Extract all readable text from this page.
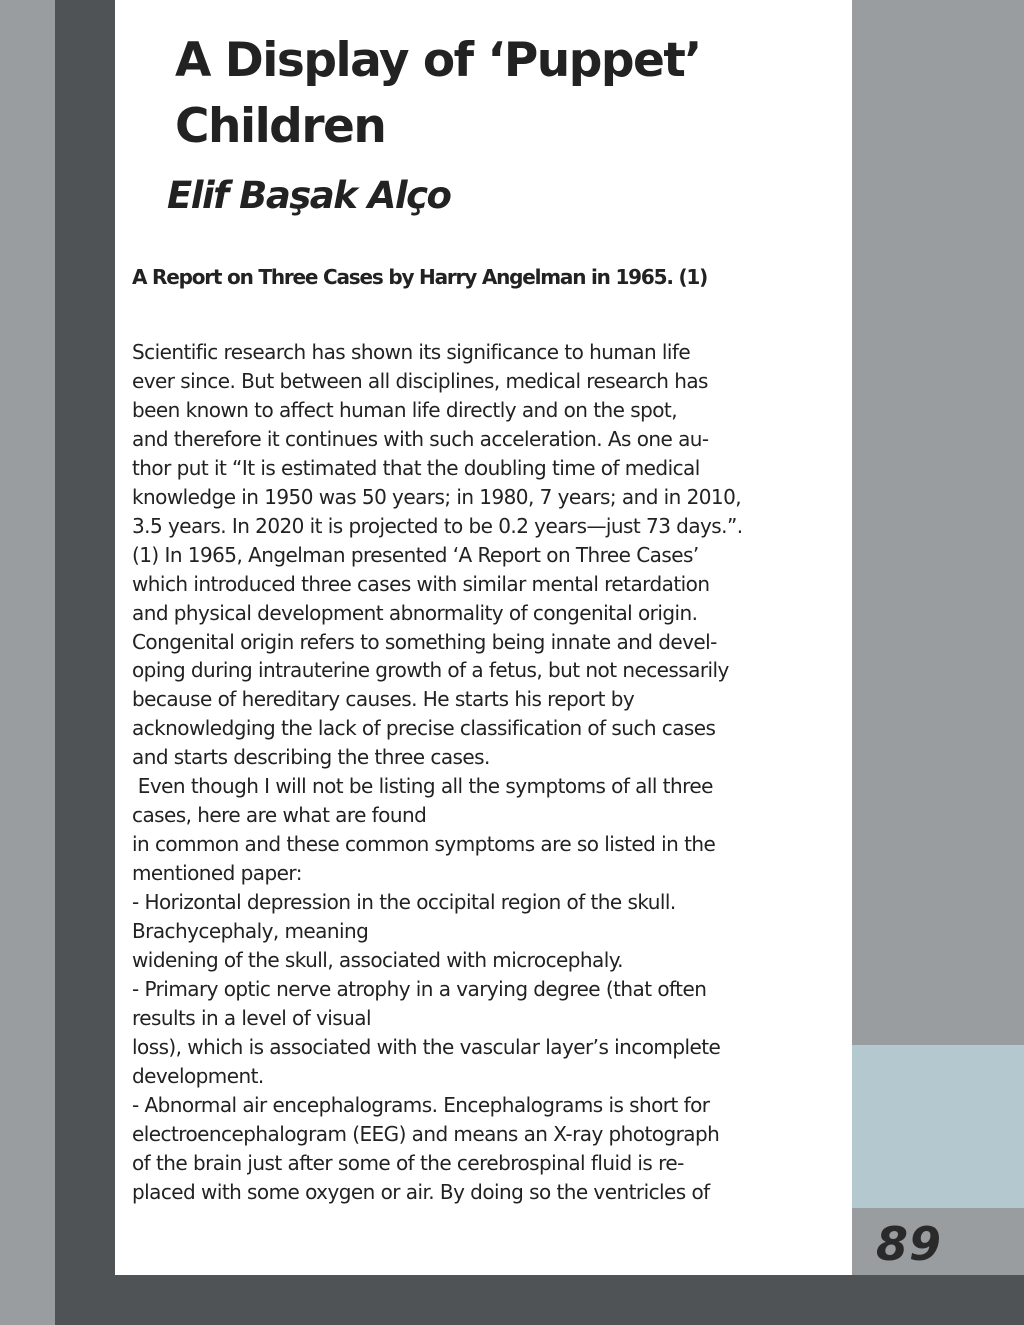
A Display of ‘Puppet’
Children
Elif Başak Alço
A Report on Three Cases by Harry Angelman in 1965. (1)
Scientific research has shown its significance to human life
ever since. But between all disciplines, medical research has
been known to affect human life directly and on the spot,
and therefore it continues with such acceleration. As one au-
thor put it “It is estimated that the doubling time of medical
knowledge in 1950 was 50 years; in 1980, 7 years; and in 2010,
3.5 years. In 2020 it is projected to be 0.2 years—just 73 days.”.
(1) In 1965, Angelman presented ‘A Report on Three Cases’
which introduced three cases with similar mental retardation
and physical development abnormality of congenital origin.
Congenital origin refers to something being innate and devel-
oping during intrauterine growth of a fetus, but not necessarily
because of hereditary causes. He starts his report by
acknowledging the lack of precise classification of such cases
and starts describing the three cases.
Even though I will not be listing all the symptoms of all three
cases, here are what are found
in common and these common symptoms are so listed in the
mentioned paper:
- Horizontal depression in the occipital region of the skull.
Brachycephaly, meaning
widening of the skull, associated with microcephaly.
- Primary optic nerve atrophy in a varying degree (that often
results in a level of visual
loss), which is associated with the vascular layer’s incomplete
development.
- Abnormal air encephalograms. Encephalograms is short for
electroencephalogram (EEG) and means an X-ray photograph
of the brain just after some of the cerebrospinal fluid is re-
placed with some oxygen or air. By doing so the ventricles of
89
